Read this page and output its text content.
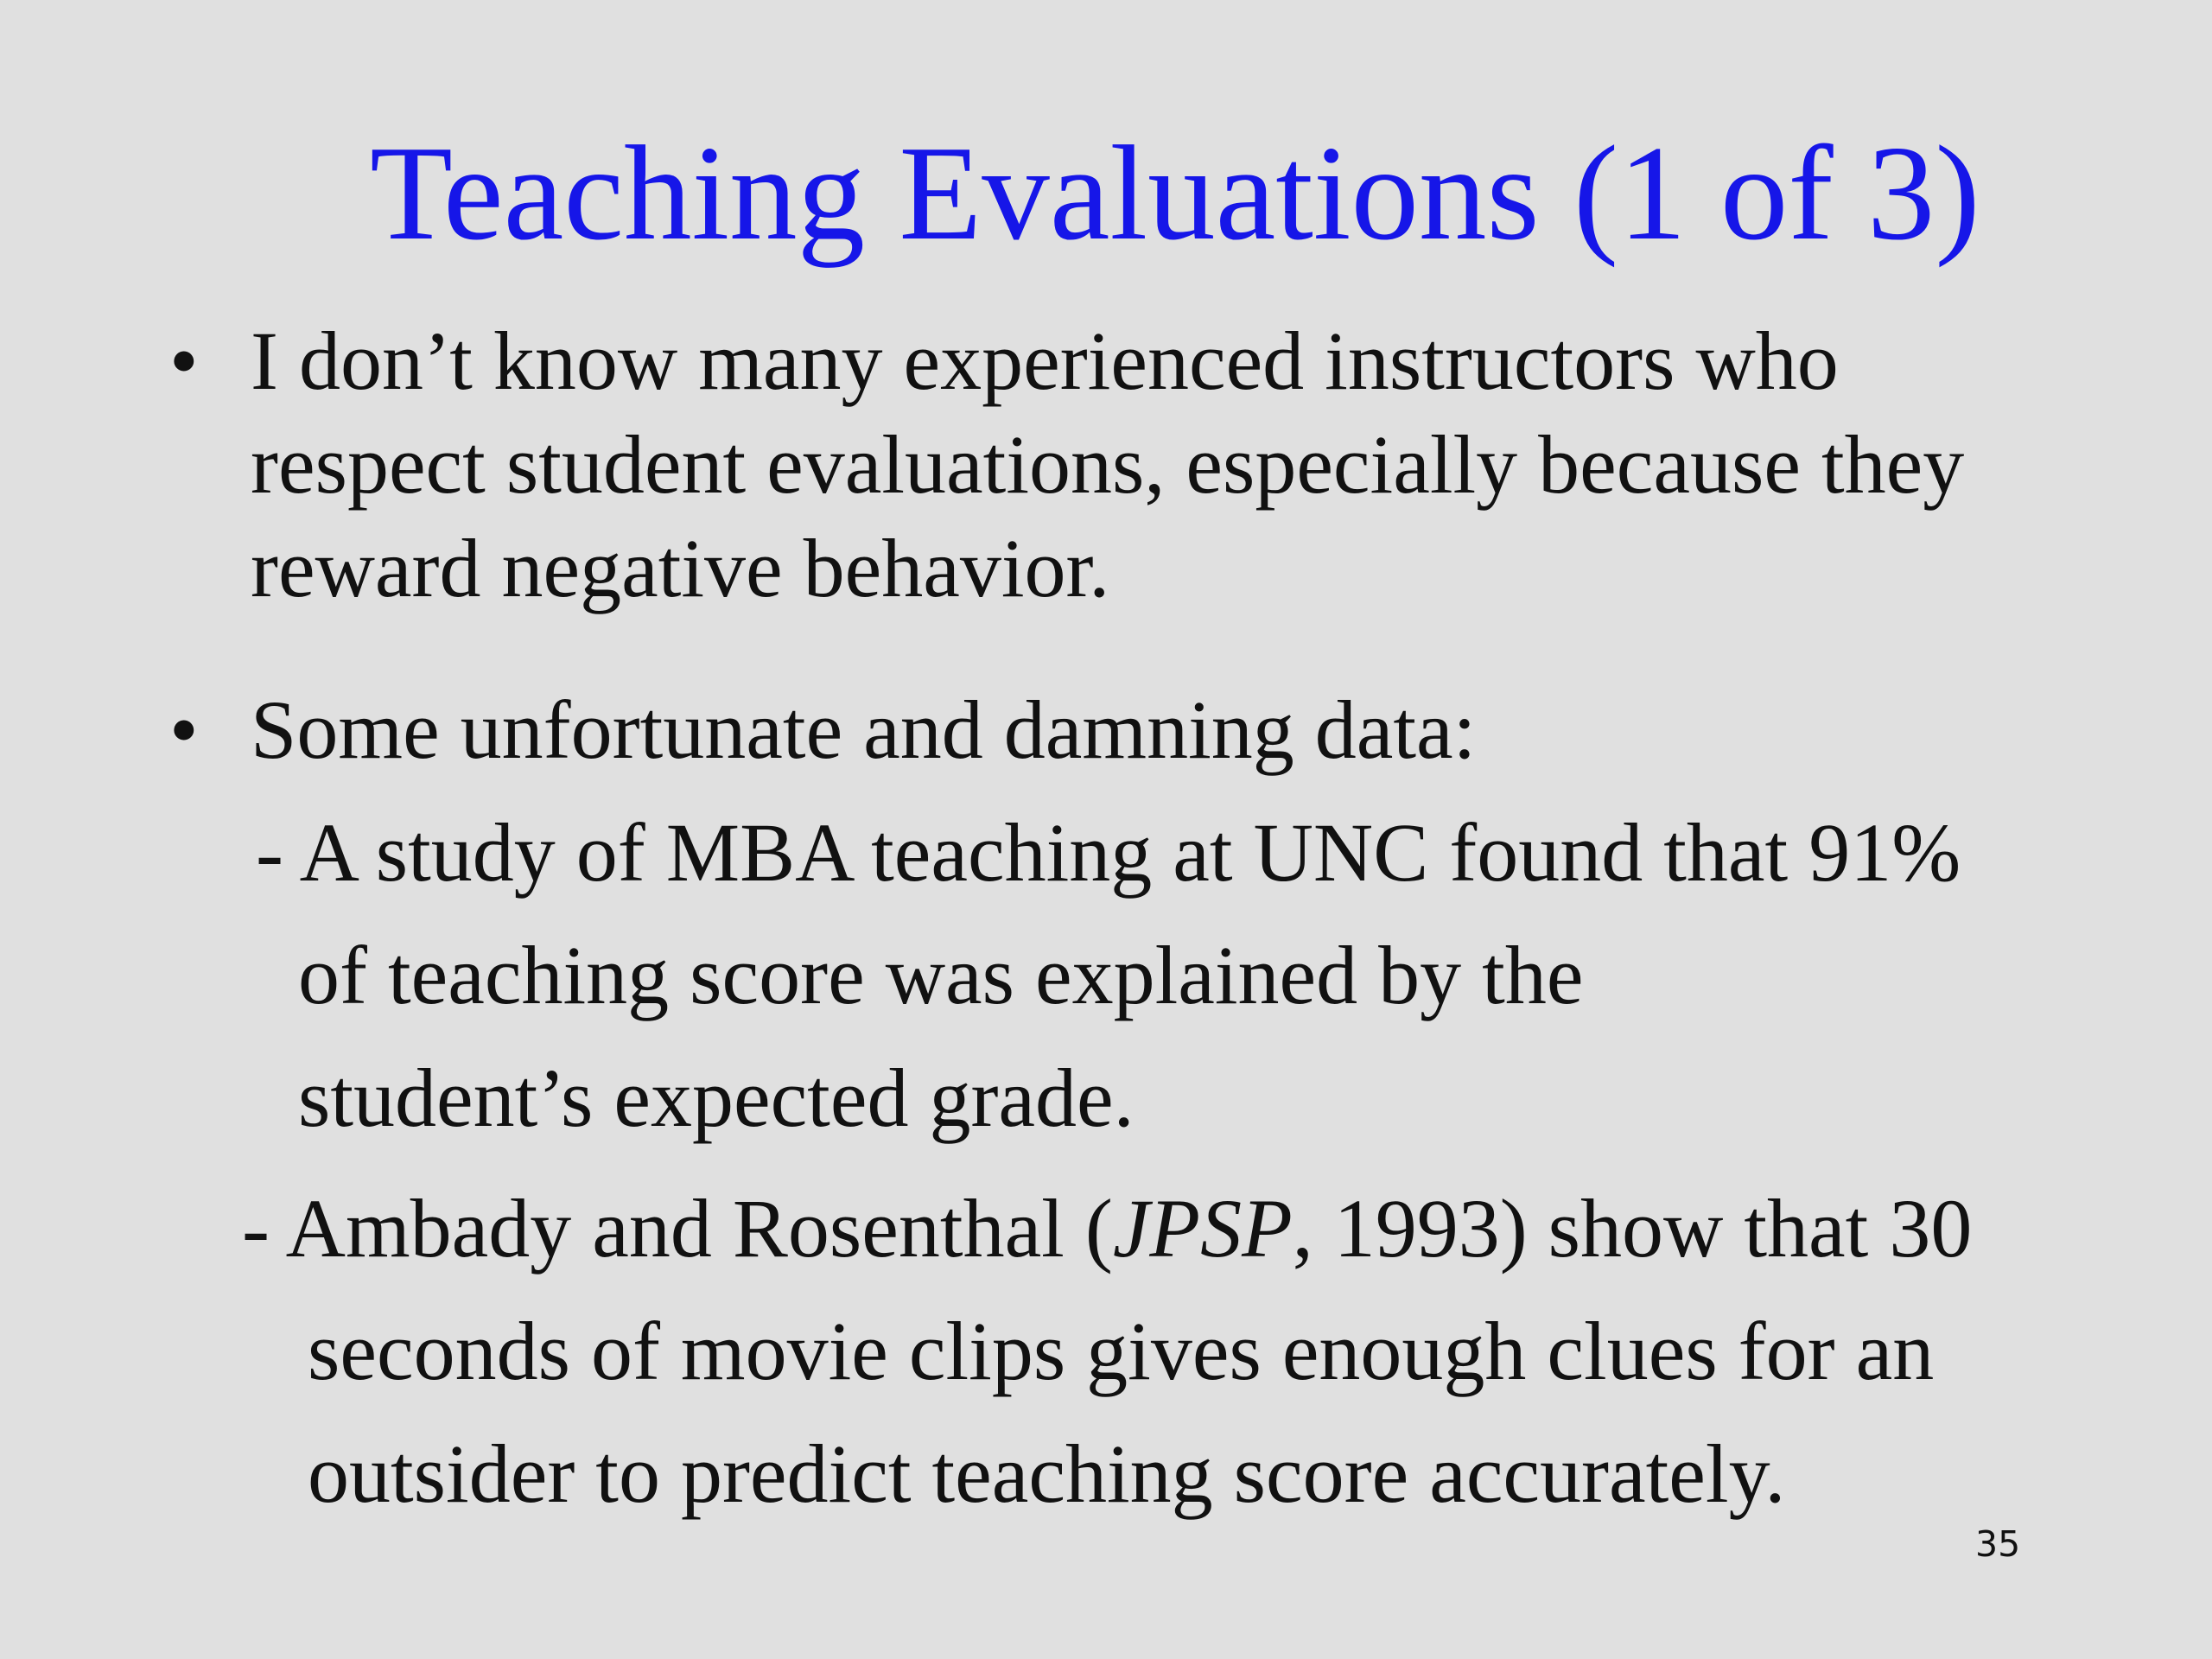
Teaching Evaluations (1 of 3)
• I don’t know many experienced instructors who
respect student evaluations, especially because they
reward negative behavior.
• Some unfortunate and damning data:
- A study of MBA teaching at UNC found that 91%
of teaching score was explained by the
student’s expected grade.
- Ambady and Rosenthal (JPSP, 1993) show that 30
seconds of movie clips gives enough clues for an
outsider to predict teaching score accurately.
35
